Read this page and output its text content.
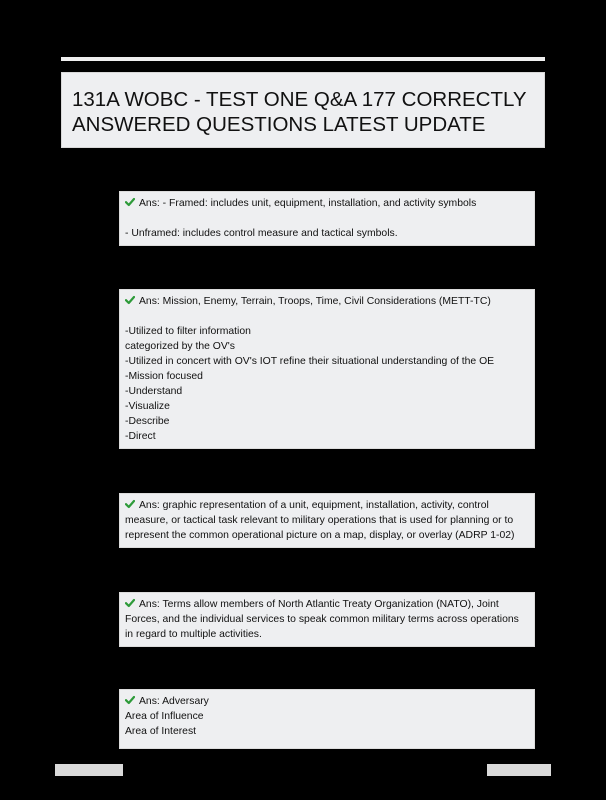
131A WOBC - TEST ONE Q&A 177 CORRECTLY
ANSWERED QUESTIONS LATEST UPDATE
Ans: - Framed: includes unit, equipment, installation, and activity symbols
- Unframed: includes control measure and tactical symbols.
Ans: Mission, Enemy, Terrain, Troops, Time, Civil Considerations (METT-TC)
-Utilized to filter information
categorized by the OV's
-Utilized in concert with OV's IOT refine their situational understanding of the OE
-Mission focused
-Understand
-Visualize
-Describe
-Direct
Ans: graphic representation of a unit, equipment, installation, activity, control
measure, or tactical task relevant to military operations that is used for planning or to
represent the common operational picture on a map, display, or overlay (ADRP 1-02)
Ans: Terms allow members of North Atlantic Treaty Organization (NATO), Joint
Forces, and the individual services to speak common military terms across operations
in regard to multiple activities.
Ans: Adversary
Area of Influence
Area of Interest
